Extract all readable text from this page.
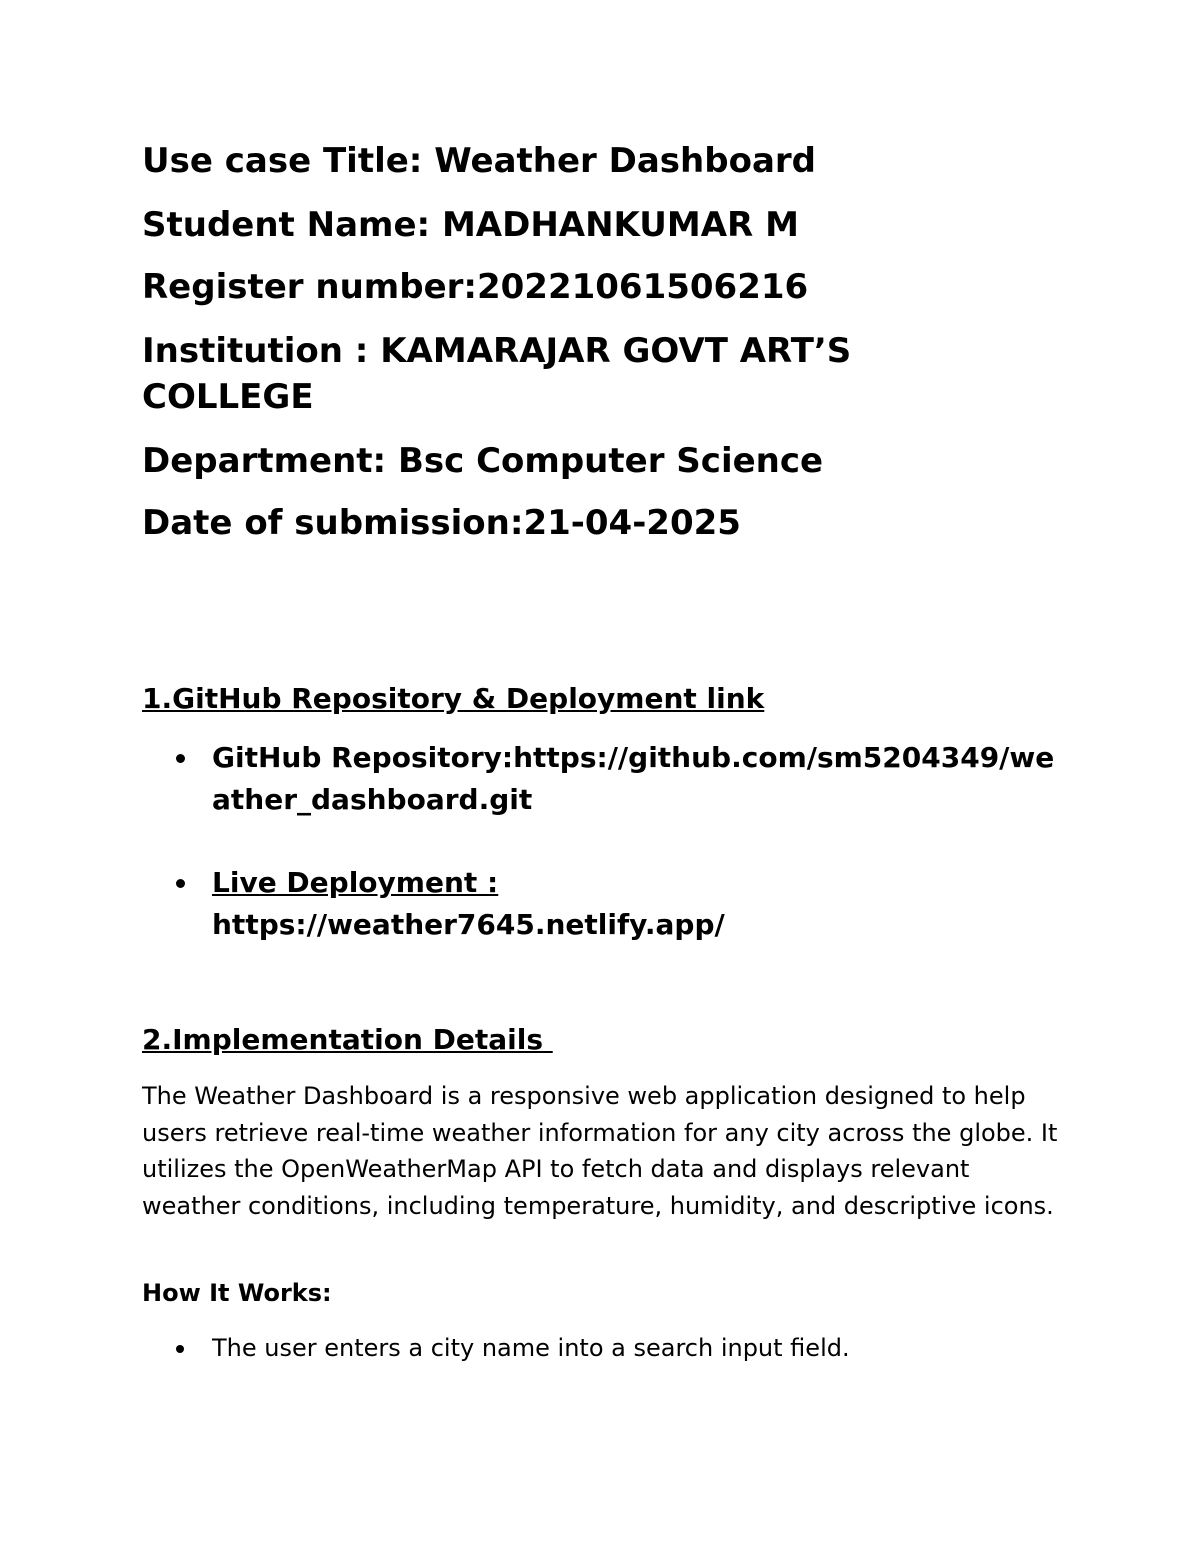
Use case Title: Weather Dashboard
Student Name: MADHANKUMAR M
Register number:20221061506216
Institution : KAMARAJAR GOVT ART’S COLLEGE
Department: Bsc Computer Science
Date of submission:21-04-2025
1.GitHub Repository & Deployment link
GitHub Repository:https://github.com/sm5204349/weather_dashboard.git
Live Deployment :
https://weather7645.netlify.app/
2.Implementation Details
The Weather Dashboard is a responsive web application designed to help users retrieve real-time weather information for any city across the globe. It utilizes the OpenWeatherMap API to fetch data and displays relevant weather conditions, including temperature, humidity, and descriptive icons.
How It Works:
The user enters a city name into a search input field.
